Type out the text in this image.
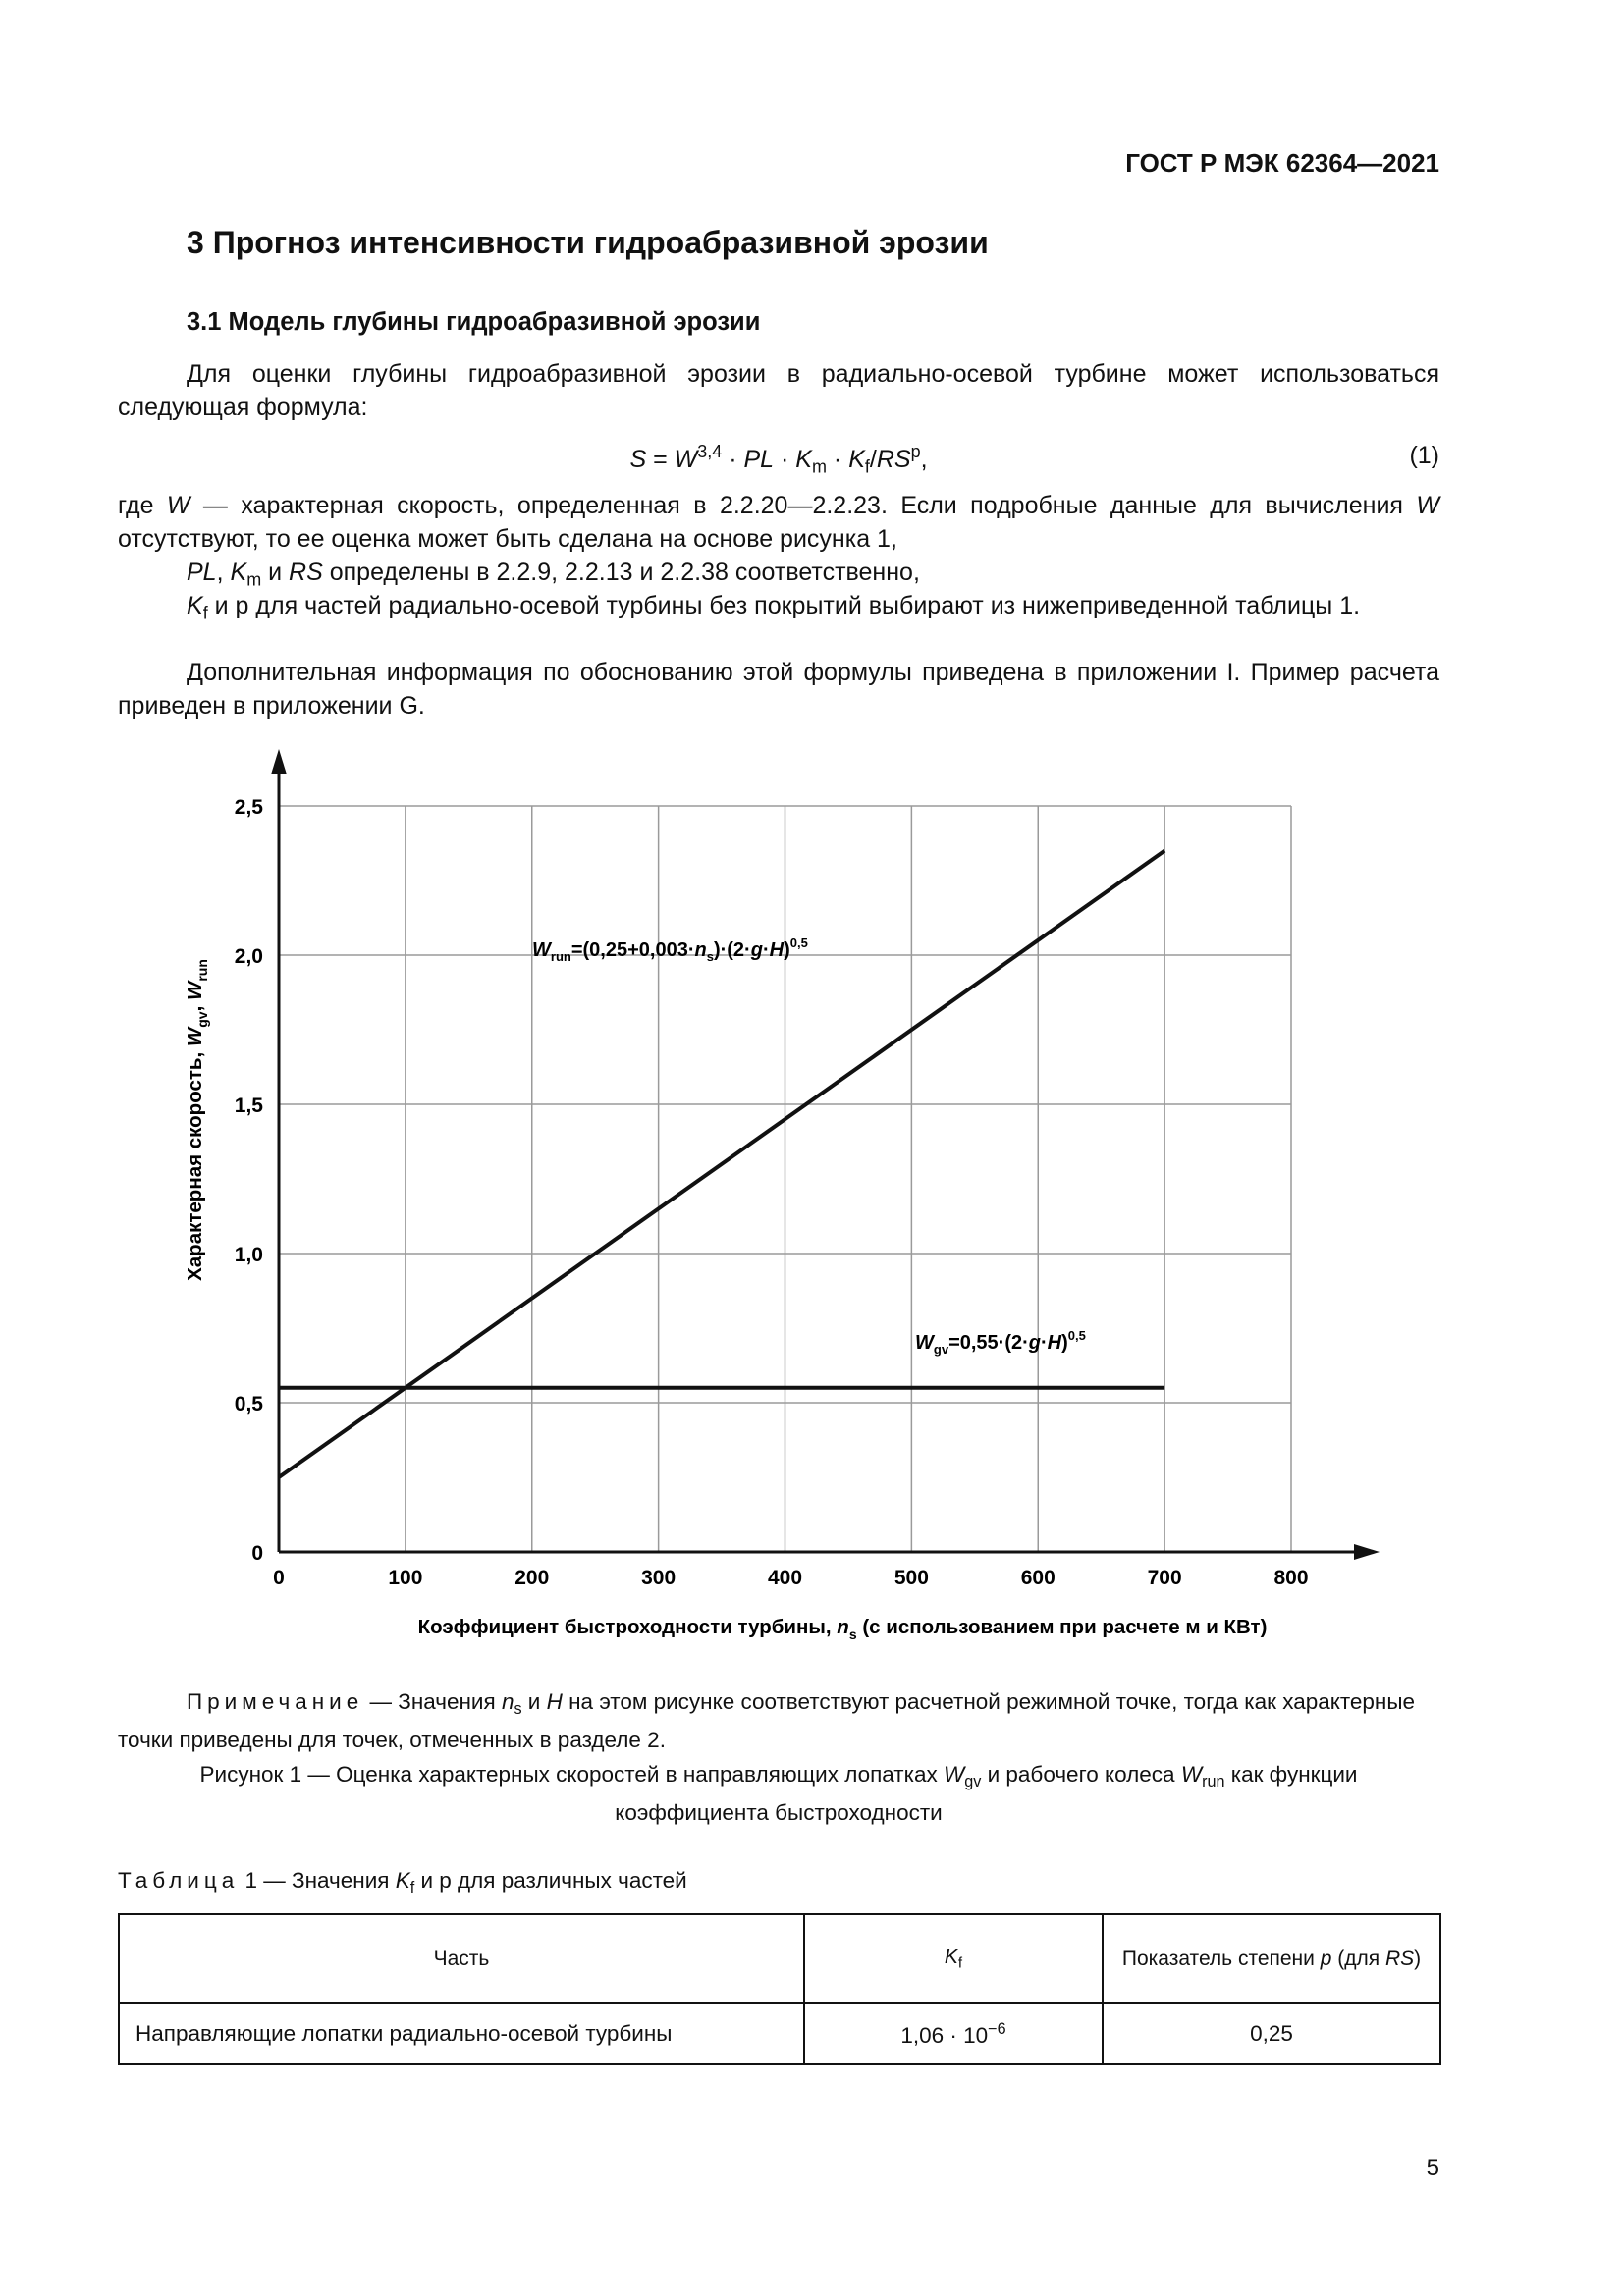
ГОСТ Р МЭК 62364—2021
3 Прогноз интенсивности гидроабразивной эрозии
3.1 Модель глубины гидроабразивной эрозии
Для оценки глубины гидроабразивной эрозии в радиально-осевой турбине может использоваться следующая формула:
S = W$^{3,4}$ · PL · $K_m \cdot K_f/RS^p$,	(1)
где W — характерная скорость, определенная в 2.2.20—2.2.23. Если подробные данные для вычисления W отсутствуют, то ее оценка может быть сделана на основе рисунка 1,
PL, $K_m$ и RS определены в 2.2.9, 2.2.13 и 2.2.38 соответственно,
$K_f$ и p для частей радиально-осевой турбины без покрытий выбирают из нижеприведенной таблицы 1.
Дополнительная информация по обоснованию этой формулы приведена в приложении I. Пример расчета приведен в приложении G.
0	100	200	300	400	500	600	700	800
0
0,5
1,0
1,5
2,0
2,5
Характерная скорость, $W_{gv}$, $W_{run}$
Коэффициент быстроходности турбины, $n_s$ (с использованием при расчете м и КВт)
$W_{run}=(0,25+0,003\cdot n_s)\cdot(2\cdot g\cdot H)^{0,5}$
$W_{gv}=0,55\cdot(2\cdot g\cdot H)^{0,5}$
Примечание — Значения $n_s$ и H на этом рисунке соответствуют расчетной режимной точке, тогда как характерные точки приведены для точек, отмеченных в разделе 2.
Рисунок 1 — Оценка характерных скоростей в направляющих лопатках $W_{gv}$ и рабочего колеса $W_{run}$ как функции
коэффициента быстроходности
Таблица 1 — Значения $K_f$ и p для различных частей
Часть	$K_f$	Показатель степени p (для RS)
Направляющие лопатки радиально-осевой турбины	$1,06 \cdot 10^{-6}$	0,25
5
